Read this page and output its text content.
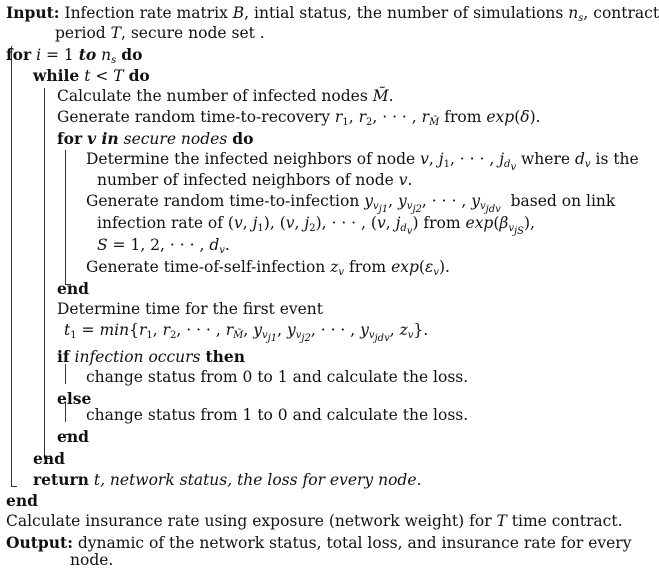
Input: Infection rate matrix B, intial status, the number of simulations $n_s$, contract
period T, secure node set .
for i = 1 to $n_s$ do
while t < T do
Calculate the number of infected nodes M̃.
Generate random time-to-recovery $r_1$, $r_2$, · · · , $r_{M̃}$ from exp(δ).
for v in secure nodes do
Determine the infected neighbors of node v, $j_1$, · · · , $j_{d_v}$ where $d_v$ is the
number of infected neighbors of node v.
Generate random time-to-infection $y_{v_{j1}}$, $y_{v_{j2}}$, · · · , $y_{v_{jdv}}$  based on link
infection rate of (v, $j_1$), (v, $j_2$), · · · , (v, $j_{d_v}$) from $\exp(\beta_{v_{jS}})$,
S = 1, 2, · · · , $d_v$.
Generate time-of-self-infection $z_v$ from $\exp(\varepsilon_v)$.
end
Determine time for the first event
$t_1 = \min\{r_1$, $r_2$, · · · , $r_{M̃}$, $y_{v_{j1}}$, $y_{v_{j2}}$, · · · , $y_{v_{jdv}}$, $z_v$}.
if infection occurs then
change status from 0 to 1 and calculate the loss.
else
change status from 1 to 0 and calculate the loss.
end
end
return t, network status, the loss for every node.
end
Calculate insurance rate using exposure (network weight) for T time contract.
Output: dynamic of the network status, total loss, and insurance rate for every
node.
